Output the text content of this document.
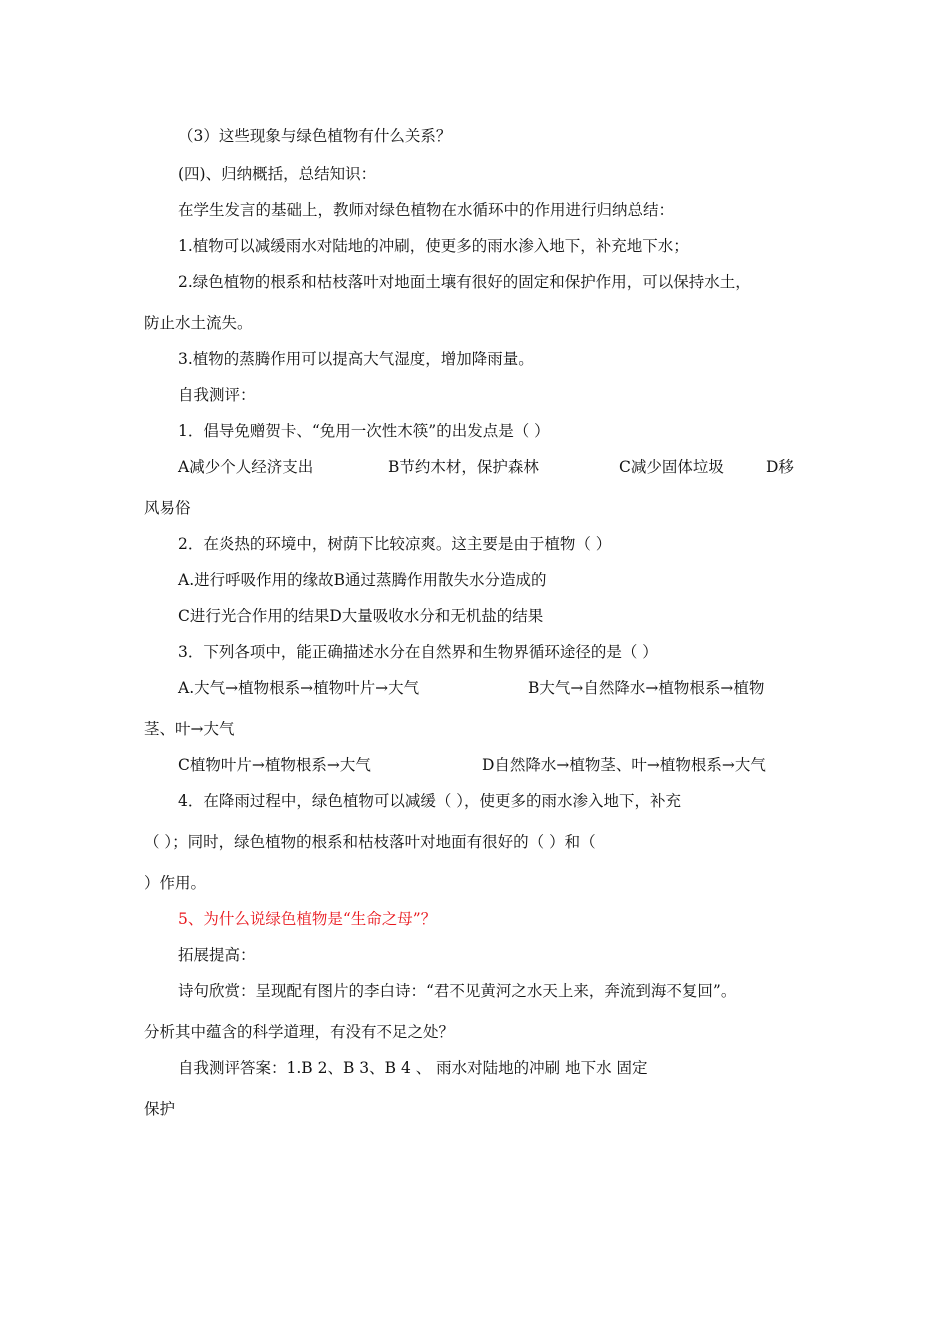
（3）这些现象与绿色植物有什么关系？
(四)、归纳概括，总结知识：
在学生发言的基础上，教师对绿色植物在水循环中的作用进行归纳总结：
1.植物可以减缓雨水对陆地的冲刷，使更多的雨水渗入地下，补充地下水；
2.绿色植物的根系和枯枝落叶对地面土壤有很好的固定和保护作用，可以保持水土，
防止水土流失。
3.植物的蒸腾作用可以提高大气湿度，增加降雨量。
自我测评：
1．倡导免赠贺卡、“免用一次性木筷”的出发点是（ ）
A减少个人经济支出	B节约木材，保护森林	C减少固体垃圾	D移
风易俗
2．在炎热的环境中，树荫下比较凉爽。这主要是由于植物（ ）
A.进行呼吸作用的缘故B通过蒸腾作用散失水分造成的
C进行光合作用的结果D大量吸收水分和无机盐的结果
3．下列各项中，能正确描述水分在自然界和生物界循环途径的是（ ）
A.大气→植物根系→植物叶片→大气	B大气→自然降水→植物根系→植物
茎、叶→大气
C植物叶片→植物根系→大气	D自然降水→植物茎、叶→植物根系→大气
4．在降雨过程中，绿色植物可以减缓（ ），使更多的雨水渗入地下，补充
（ ）；同时，绿色植物的根系和枯枝落叶对地面有很好的（ ）和（
）作用。
5、为什么说绿色植物是“生命之母”？
拓展提高：
诗句欣赏：呈现配有图片的李白诗：“君不见黄河之水天上来，奔流到海不复回”。
分析其中蕴含的科学道理，有没有不足之处？
自我测评答案：1.B 2、B 3、B 4 、 雨水对陆地的冲刷 地下水 固定
保护
